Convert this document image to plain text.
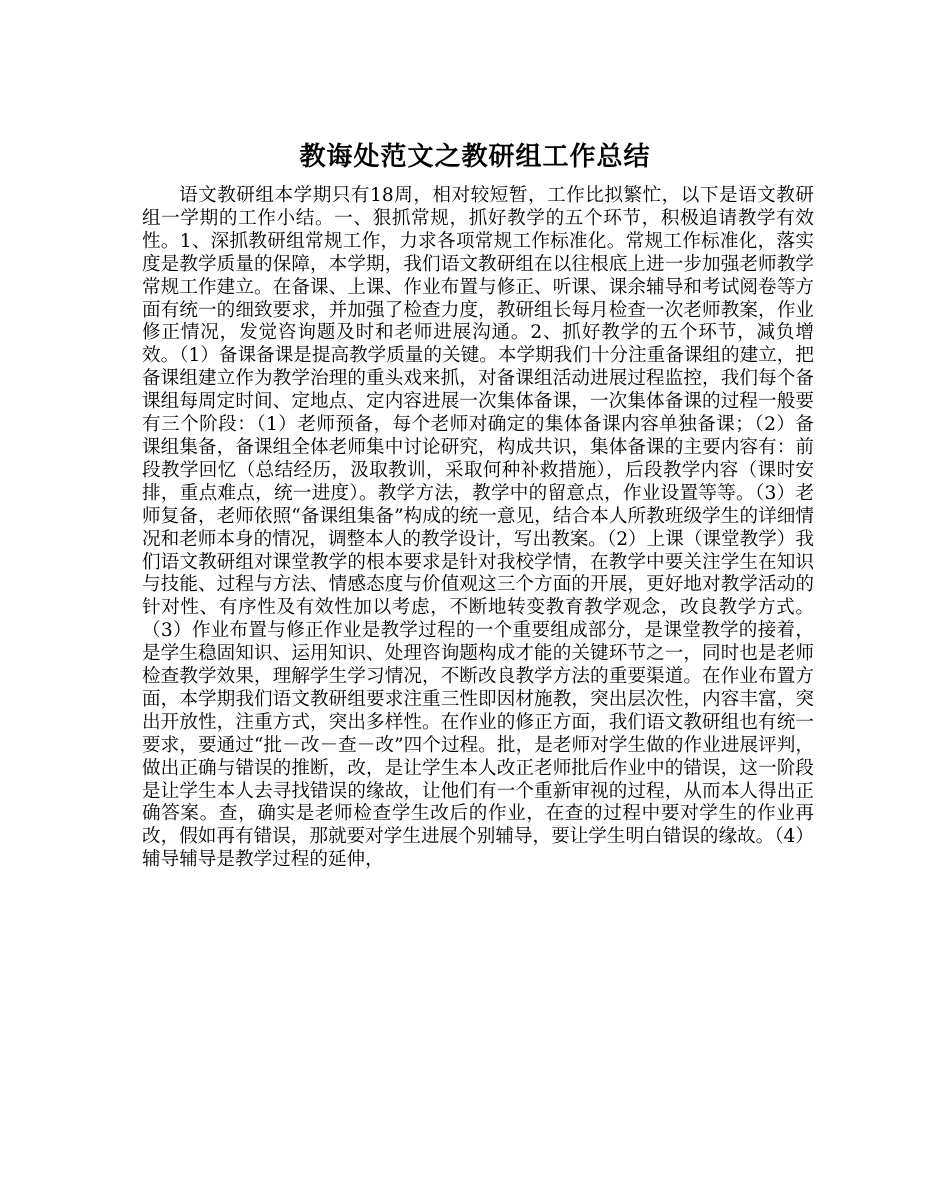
教诲处范文之教研组工作总结

语文教研组本学期只有18周，相对较短暂，工作比拟繁忙，以下是语文教研组一学期的工作小结。一、狠抓常规，抓好教学的五个环节，积极追请教学有效性。1、深抓教研组常规工作，力求各项常规工作标准化。常规工作标准化，落实度是教学质量的保障，本学期，我们语文教研组在以往根底上进一步加强老师教学常规工作建立。在备课、上课、作业布置与修正、听课、课余辅导和考试阅卷等方面有统一的细致要求，并加强了检查力度，教研组长每月检查一次老师教案，作业修正情况，发觉咨询题及时和老师进展沟通。2、抓好教学的五个环节，减负增效。（1）备课备课是提高教学质量的关键。本学期我们十分注重备课组的建立，把备课组建立作为教学治理的重头戏来抓，对备课组活动进展过程监控，我们每个备课组每周定时间、定地点、定内容进展一次集体备课，一次集体备课的过程一般要有三个阶段：（1）老师预备，每个老师对确定的集体备课内容单独备课；（2）备课组集备，备课组全体老师集中讨论研究，构成共识，集体备课的主要内容有：前段教学回忆（总结经历，汲取教训，采取何种补救措施），后段教学内容（课时安排，重点难点，统一进度）。教学方法，教学中的留意点，作业设置等等。（3）老师复备，老师依照“备课组集备”构成的统一意见，结合本人所教班级学生的详细情况和老师本身的情况，调整本人的教学设计，写出教案。（2）上课（课堂教学）我们语文教研组对课堂教学的根本要求是针对我校学情，在教学中要关注学生在知识与技能、过程与方法、情感态度与价值观这三个方面的开展，更好地对教学活动的针对性、有序性及有效性加以考虑，不断地转变教育教学观念，改良教学方式。（3）作业布置与修正作业是教学过程的一个重要组成部分，是课堂教学的接着，是学生稳固知识、运用知识、处理咨询题构成才能的关键环节之一，同时也是老师检查教学效果，理解学生学习情况，不断改良教学方法的重要渠道。在作业布置方面，本学期我们语文教研组要求注重三性即因材施教，突出层次性，内容丰富，突出开放性，注重方式，突出多样性。在作业的修正方面，我们语文教研组也有统一要求，要通过“批－改－查－改”四个过程。批，是老师对学生做的作业进展评判，做出正确与错误的推断，改，是让学生本人改正老师批后作业中的错误，这一阶段是让学生本人去寻找错误的缘故，让他们有一个重新审视的过程，从而本人得出正确答案。查，确实是老师检查学生改后的作业，在查的过程中要对学生的作业再改，假如再有错误，那就要对学生进展个别辅导，要让学生明白错误的缘故。（4）辅导辅导是教学过程的延伸，
